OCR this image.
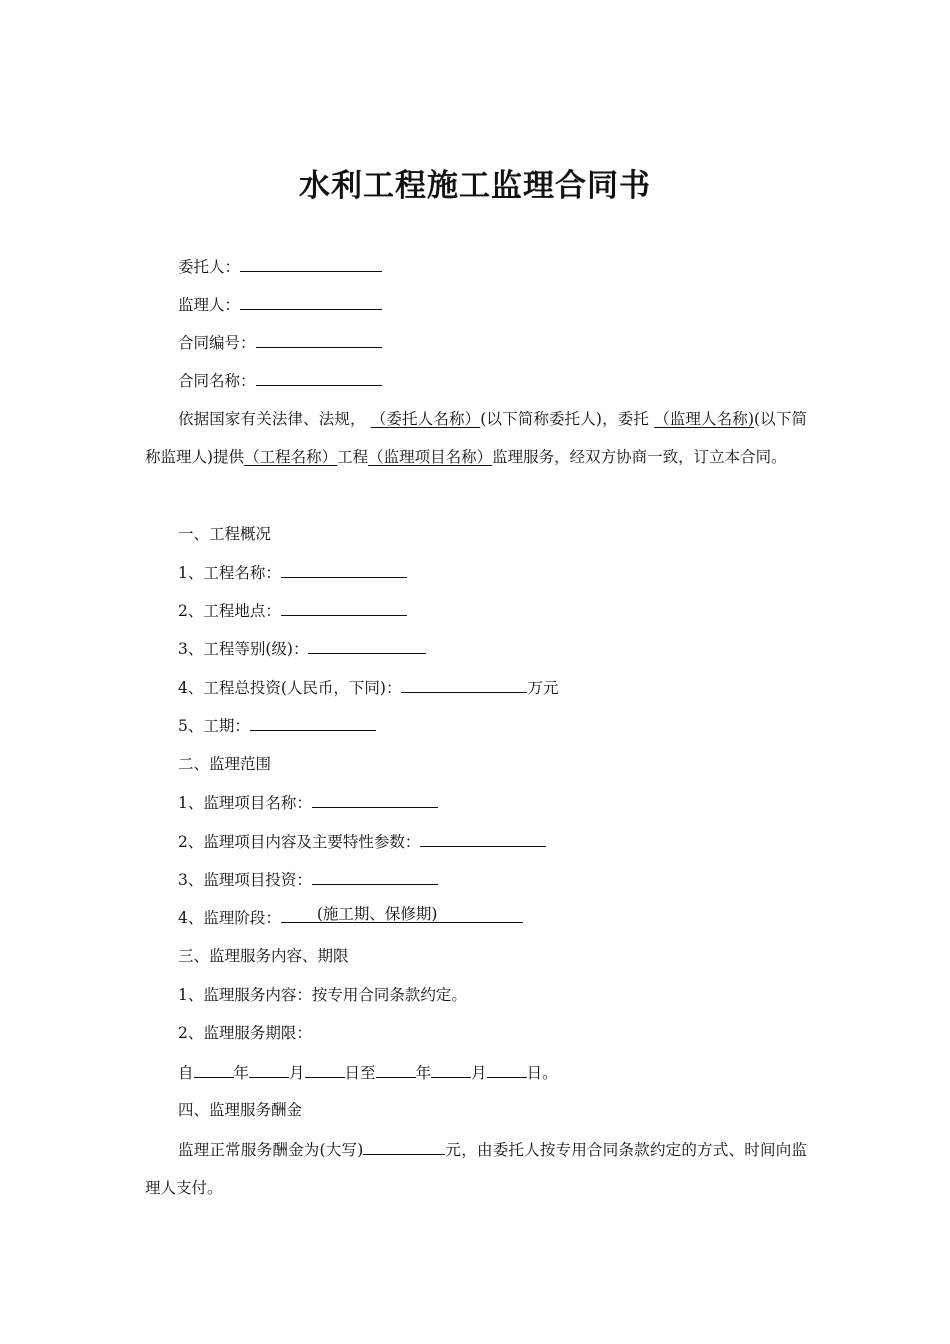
水利工程施工监理合同书
委托人：
监理人：
合同编号：
合同名称：
依据国家有关法律、法规， （委托人名称）(以下简称委托人)，委托 （监理人名称)(以下简称监理人)提供（工程名称）工程（监理项目名称）监理服务，经双方协商一致，订立本合同。
一、工程概况
1、工程名称：
2、工程地点：
3、工程等别(级)：
4、工程总投资(人民币，下同)：	万元
5、工期：
二、监理范围
1、监理项目名称：
2、监理项目内容及主要特性参数：
3、监理项目投资：
4、监理阶段： (施工期、保修期)
三、监理服务内容、期限
1、监理服务内容：按专用合同条款约定。
2、监理服务期限：
自	年	月	日至	年	月	日。
四、监理服务酬金
监理正常服务酬金为(大写)	元，由委托人按专用合同条款约定的方式、时间向监理人支付。
